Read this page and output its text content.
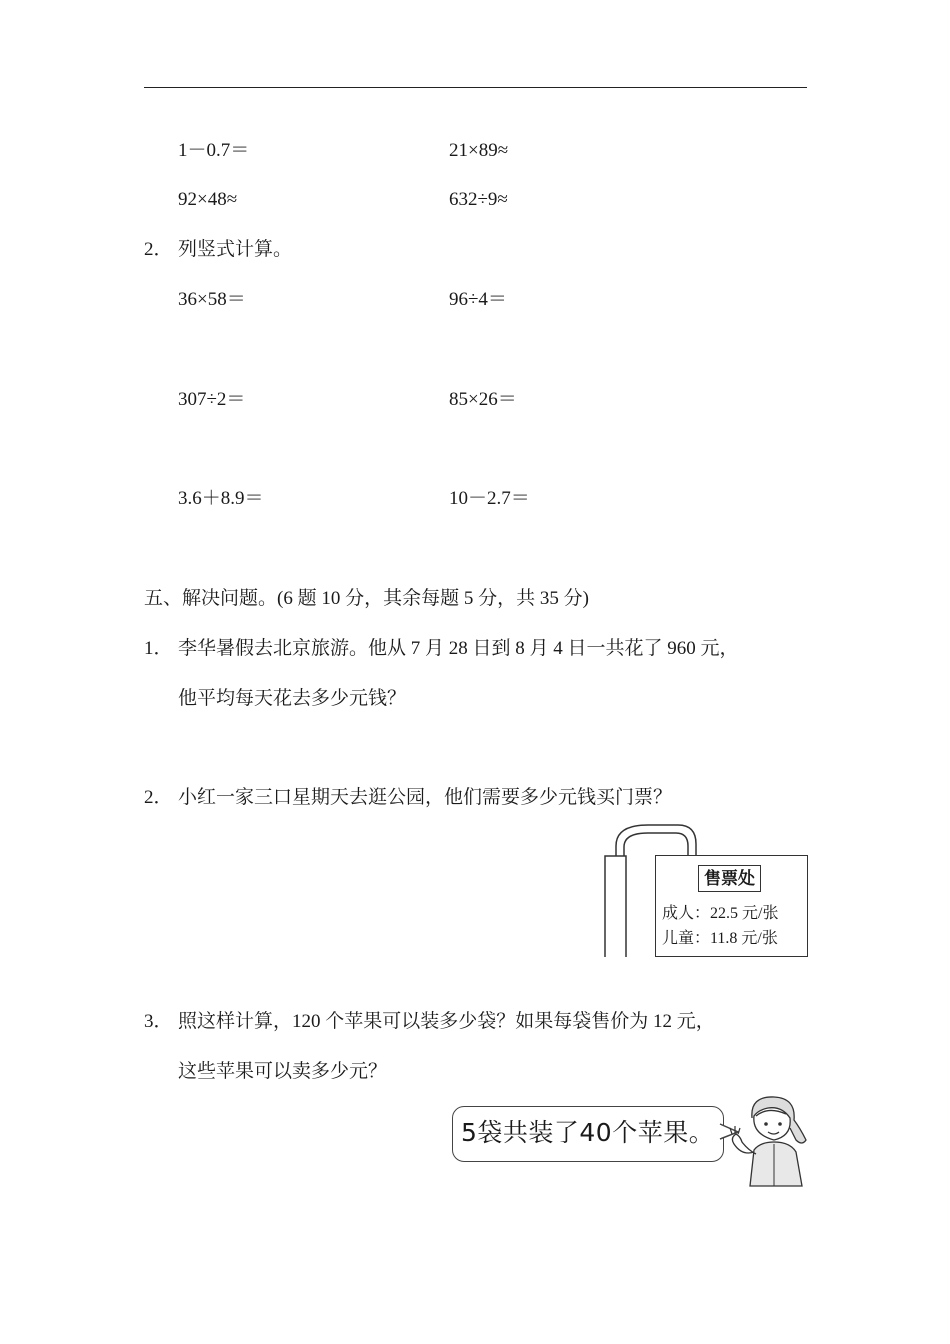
1－0.7＝	21×89≈
92×48≈	632÷9≈
2． 列竖式计算。
36×58＝	96÷4＝
307÷2＝	85×26＝
3.6＋8.9＝	10－2.7＝
五、解决问题。(6 题 10 分，其余每题 5 分，共 35 分)
1． 李华暑假去北京旅游。他从 7 月 28 日到 8 月 4 日一共花了 960 元，
他平均每天花去多少元钱？
2． 小红一家三口星期天去逛公园，他们需要多少元钱买门票？
售票处
成人：22.5 元/张
儿童：11.8 元/张
3． 照这样计算，120 个苹果可以装多少袋？如果每袋售价为 12 元，
这些苹果可以卖多少元？
5袋共装了40个苹果。
